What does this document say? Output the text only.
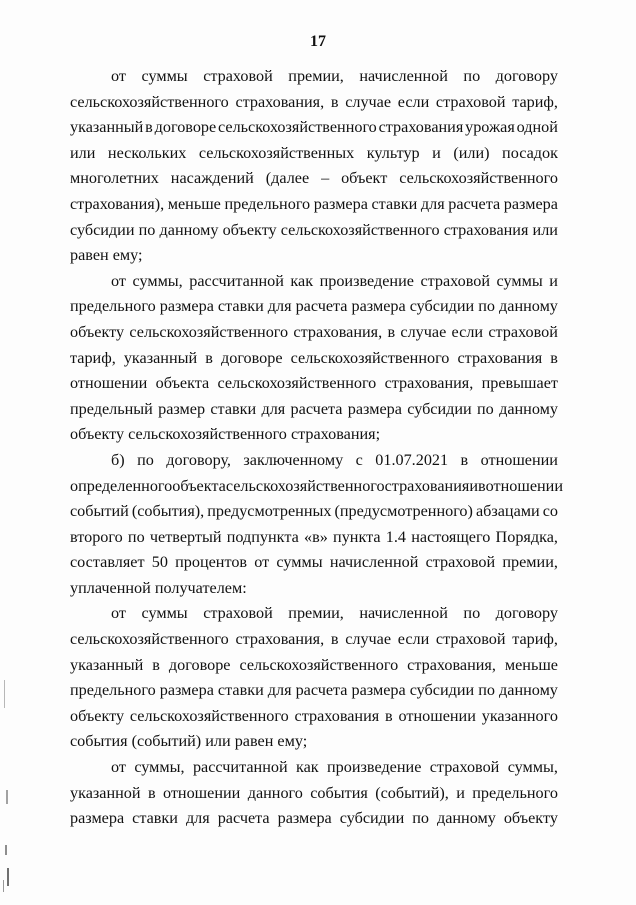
17
от суммы страховой премии, начисленной по договору
сельскохозяйственного страхования, в случае если страховой тариф,
указанный в договоре сельскохозяйственного страхования урожая одной
или нескольких сельскохозяйственных культур и (или) посадок
многолетних насаждений (далее – объект сельскохозяйственного
страхования), меньше предельного размера ставки для расчета размера
субсидии по данному объекту сельскохозяйственного страхования или
равен ему;
от суммы, рассчитанной как произведение страховой суммы и
предельного размера ставки для расчета размера субсидии по данному
объекту сельскохозяйственного страхования, в случае если страховой
тариф, указанный в договоре сельскохозяйственного страхования в
отношении объекта сельскохозяйственного страхования, превышает
предельный размер ставки для расчета размера субсидии по данному
объекту сельскохозяйственного страхования;
б) по договору, заключенному с 01.07.2021 в отношении
определенного объекта сельскохозяйственного страхования и в отношении
событий (события), предусмотренных (предусмотренного) абзацами со
второго по четвертый подпункта «в» пункта 1.4 настоящего Порядка,
составляет 50 процентов от суммы начисленной страховой премии,
уплаченной получателем:
от суммы страховой премии, начисленной по договору
сельскохозяйственного страхования, в случае если страховой тариф,
указанный в договоре сельскохозяйственного страхования, меньше
предельного размера ставки для расчета размера субсидии по данному
объекту сельскохозяйственного страхования в отношении указанного
события (событий) или равен ему;
от суммы, рассчитанной как произведение страховой суммы,
указанной в отношении данного события (событий), и предельного
размера ставки для расчета размера субсидии по данному объекту
